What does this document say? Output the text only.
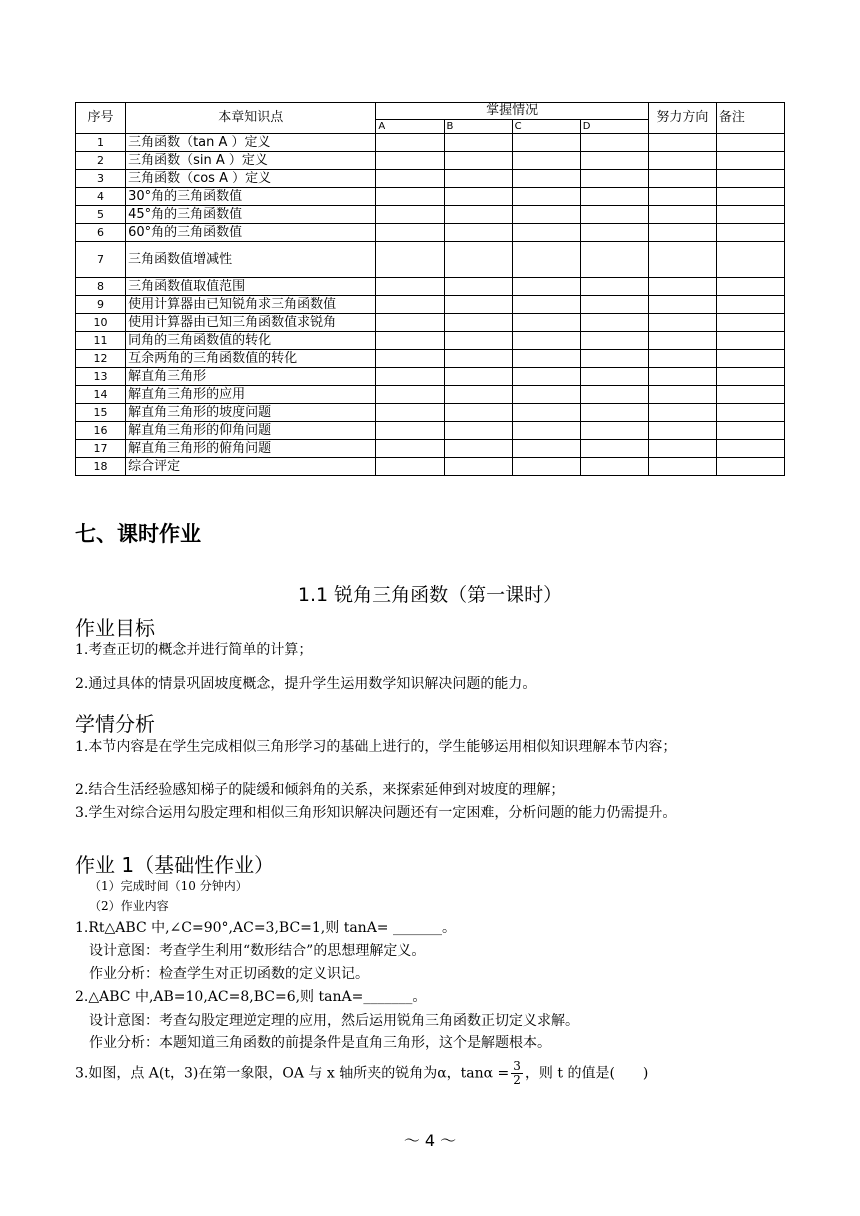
序号	本章知识点	掌握情况				努力方向	备注
		A	B	C	D		
1	三角函数（tan A ）定义						
2	三角函数（sin A ）定义						
3	三角函数（cos A ）定义						
4	30°角的三角函数值						
5	45°角的三角函数值						
6	60°角的三角函数值						
7	三角函数值增减性						
8	三角函数值取值范围						
9	使用计算器由已知锐角求三角函数值						
10	使用计算器由已知三角函数值求锐角						
11	同角的三角函数值的转化						
12	互余两角的三角函数值的转化						
13	解直角三角形						
14	解直角三角形的应用						
15	解直角三角形的坡度问题						
16	解直角三角形的仰角问题						
17	解直角三角形的俯角问题						
18	综合评定						
七、课时作业
1.1 锐角三角函数（第一课时）
作业目标
1.考查正切的概念并进行简单的计算；
2.通过具体的情景巩固坡度概念，提升学生运用数学知识解决问题的能力。
学情分析
1.本节内容是在学生完成相似三角形学习的基础上进行的，学生能够运用相似知识理解本节内容；
2.结合生活经验感知梯子的陡缓和倾斜角的关系，来探索延伸到对坡度的理解；
3.学生对综合运用勾股定理和相似三角形知识解决问题还有一定困难，分析问题的能力仍需提升。
作业 1（基础性作业）
（1）完成时间（10 分钟内）
（2）作业内容
1.Rt△ABC 中,∠C=90°,AC=3,BC=1,则 tanA= _______。
设计意图：考查学生利用“数形结合”的思想理解定义。
作业分析：检查学生对正切函数的定义识记。
2.△ABC 中,AB=10,AC=8,BC=6,则 tanA=_______。
设计意图：考查勾股定理逆定理的应用，然后运用锐角三角函数正切定义求解。
作业分析：本题知道三角函数的前提条件是直角三角形，这个是解题根本。
3.如图，点 A(t，3)在第一象限，OA 与 x 轴所夹的锐角为α，$\tan\alpha = \frac{3}{2}$ ，则 t 的值是(　　)
～ 4 ～
